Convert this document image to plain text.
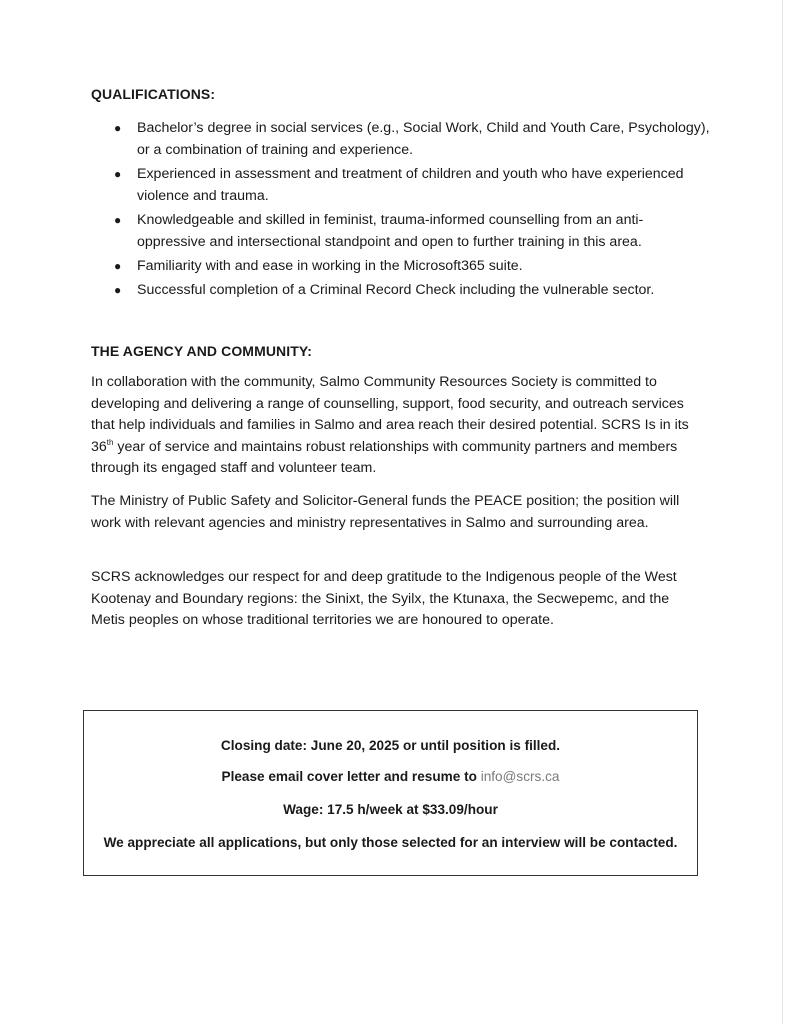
QUALIFICATIONS:
● Bachelor’s degree in social services (e.g., Social Work, Child and Youth Care, Psychology), or a combination of training and experience.
● Experienced in assessment and treatment of children and youth who have experienced violence and trauma.
● Knowledgeable and skilled in feminist, trauma-informed counselling from an anti-oppressive and intersectional standpoint and open to further training in this area.
● Familiarity with and ease in working in the Microsoft365 suite.
● Successful completion of a Criminal Record Check including the vulnerable sector.
THE AGENCY AND COMMUNITY:

In collaboration with the community, Salmo Community Resources Society is committed to developing and delivering a range of counselling, support, food security, and outreach services that help individuals and families in Salmo and area reach their desired potential. SCRS Is in its 36th year of service and maintains robust relationships with community partners and members through its engaged staff and volunteer team.

The Ministry of Public Safety and Solicitor-General funds the PEACE position; the position will work with relevant agencies and ministry representatives in Salmo and surrounding area.

SCRS acknowledges our respect for and deep gratitude to the Indigenous people of the West Kootenay and Boundary regions: the Sinixt, the Syilx, the Ktunaxa, the Secwepemc, and the Metis peoples on whose traditional territories we are honoured to operate.

Closing date: June 20, 2025 or until position is filled.
Please email cover letter and resume to info@scrs.ca
Wage: 17.5 h/week at $33.09/hour
We appreciate all applications, but only those selected for an interview will be contacted.
